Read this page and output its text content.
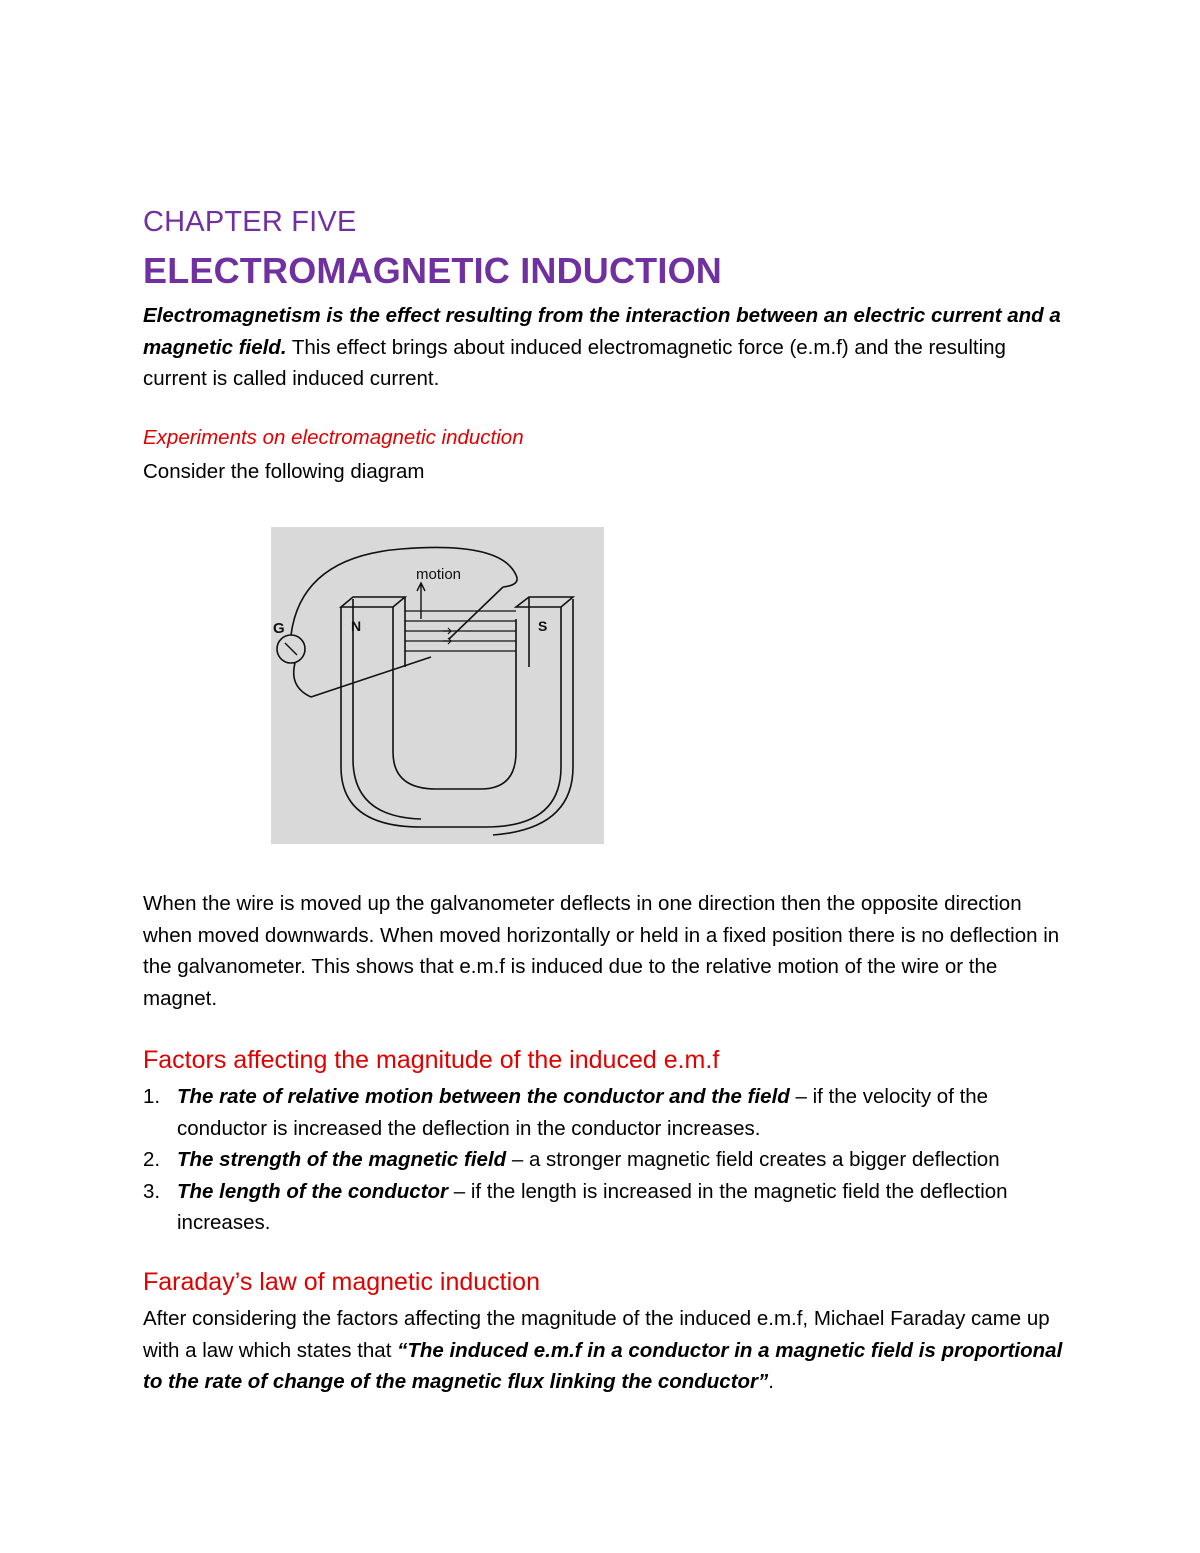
CHAPTER FIVE
ELECTROMAGNETIC INDUCTION
Electromagnetism is the effect resulting from the interaction between an electric current and a magnetic field. This effect brings about induced electromagnetic force (e.m.f) and the resulting current is called induced current.
Experiments on electromagnetic induction
Consider the following diagram
motion
G	N	S
When the wire is moved up the galvanometer deflects in one direction then the opposite direction when moved downwards. When moved horizontally or held in a fixed position there is no deflection in the galvanometer. This shows that e.m.f is induced due to the relative motion of the wire or the magnet.
Factors affecting the magnitude of the induced e.m.f
1. The rate of relative motion between the conductor and the field – if the velocity of the conductor is increased the deflection in the conductor increases.
2. The strength of the magnetic field – a stronger magnetic field creates a bigger deflection
3. The length of the conductor – if the length is increased in the magnetic field the deflection increases.
Faraday’s law of magnetic induction
After considering the factors affecting the magnitude of the induced e.m.f, Michael Faraday came up with a law which states that “The induced e.m.f in a conductor in a magnetic field is proportional to the rate of change of the magnetic flux linking the conductor”.
